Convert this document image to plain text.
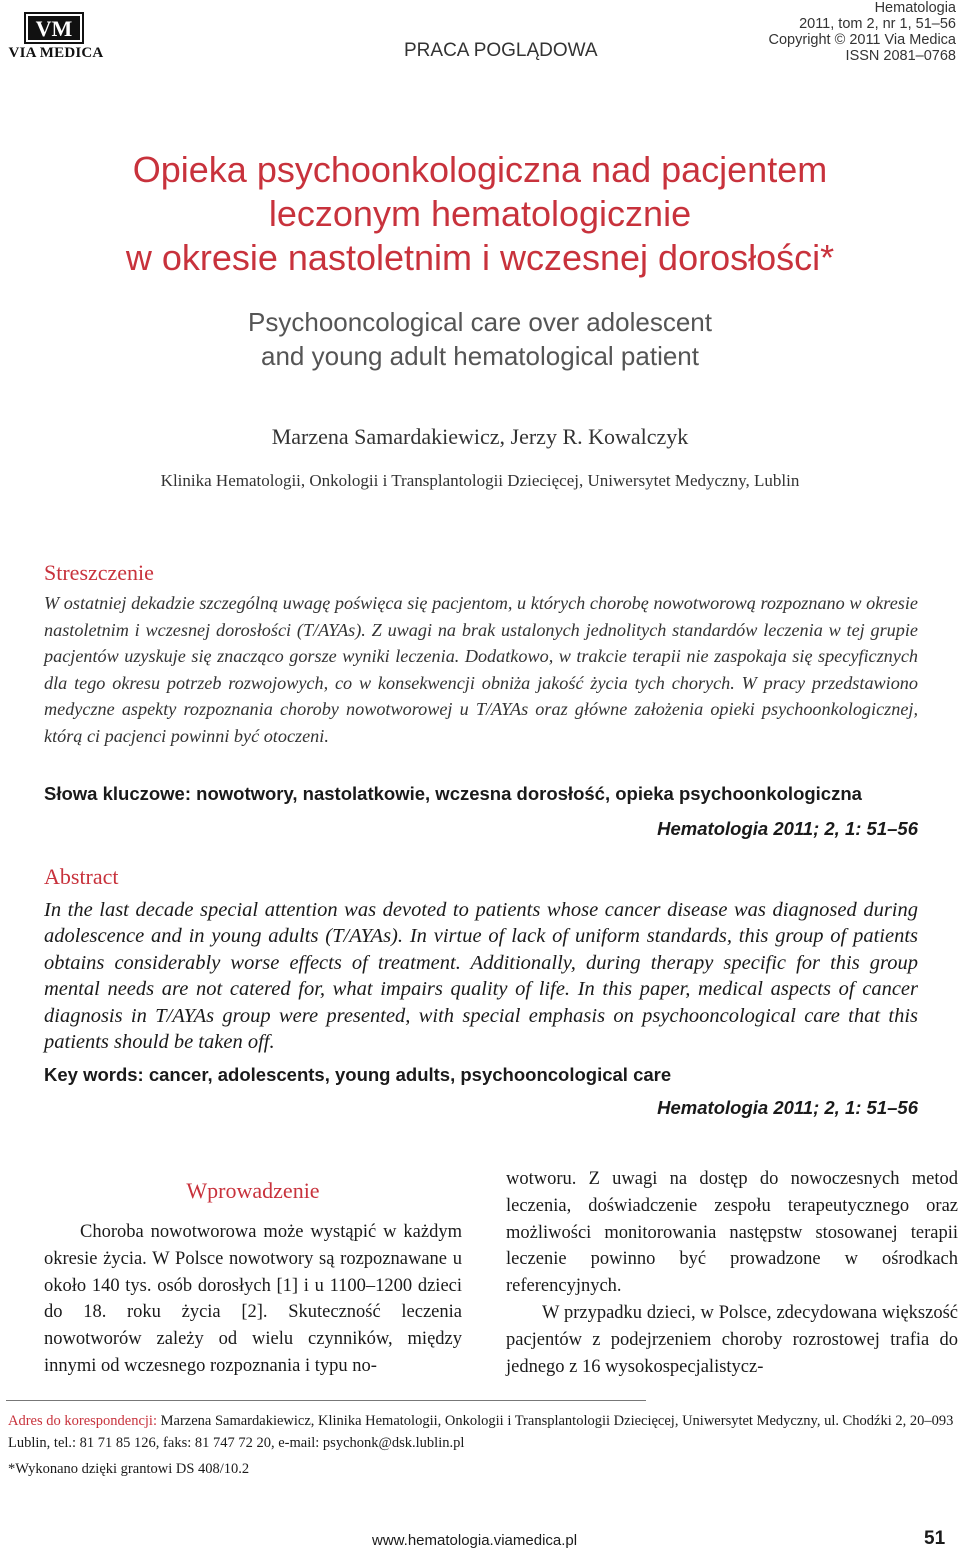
VM
VIA MEDICA	PRACA POGLĄDOWA
Hematologia
2011, tom 2, nr 1, 51–56
Copyright © 2011 Via Medica
ISSN 2081–0768
Opieka psychoonkologiczna nad pacjentem
leczonym hematologicznie
w okresie nastoletnim i wczesnej dorosłości*
Psychooncological care over adolescent
and young adult hematological patient
Marzena Samardakiewicz, Jerzy R. Kowalczyk
Klinika Hematologii, Onkologii i Transplantologii Dziecięcej, Uniwersytet Medyczny, Lublin
Streszczenie
W ostatniej dekadzie szczególną uwagę poświęca się pacjentom, u których chorobę nowotworową rozpoznano w okresie nastoletnim i wczesnej dorosłości (T/AYAs). Z uwagi na brak ustalonych jednolitych standardów leczenia w tej grupie pacjentów uzyskuje się znacząco gorsze wyniki leczenia. Dodatkowo, w trakcie terapii nie zaspokaja się specyficznych dla tego okresu potrzeb rozwojowych, co w konsekwencji obniża jakość życia tych chorych. W pracy przedstawiono medyczne aspekty rozpoznania choroby nowotworowej u T/AYAs oraz główne założenia opieki psychoonkologicznej, którą ci pacjenci powinni być otoczeni.
Słowa kluczowe: nowotwory, nastolatkowie, wczesna dorosłość, opieka psychoonkologiczna
Hematologia 2011; 2, 1: 51–56
Abstract
In the last decade special attention was devoted to patients whose cancer disease was diagnosed during adolescence and in young adults (T/AYAs). In virtue of lack of uniform standards, this group of patients obtains considerably worse effects of treatment. Additionally, during therapy specific for this group mental needs are not catered for, what impairs quality of life. In this paper, medical aspects of cancer diagnosis in T/AYAs group were presented, with special emphasis on psychooncological care that this patients should be taken off.
Key words: cancer, adolescents, young adults, psychooncological care
Hematologia 2011; 2, 1: 51–56
Wprowadzenie

Choroba nowotworowa może wystąpić w każdym okresie życia. W Polsce nowotwory są rozpoznawane u około 140 tys. osób dorosłych [1] i u 1100–1200 dzieci do 18. roku życia [2]. Skuteczność leczenia nowotworów zależy od wielu czynników, między innymi od wczesnego rozpoznania i typu no-

wotworu. Z uwagi na dostęp do nowoczesnych metod leczenia, doświadczenie zespołu terapeutycznego oraz możliwości monitorowania następstw stosowanej terapii leczenie powinno być prowadzone w ośrodkach referencyjnych.

W przypadku dzieci, w Polsce, zdecydowana większość pacjentów z podejrzeniem choroby rozrostowej trafia do jednego z 16 wysokospecjalistycz-

Adres do korespondencji: Marzena Samardakiewicz, Klinika Hematologii, Onkologii i Transplantologii Dziecięcej, Uniwersytet Medyczny, ul. Chodźki 2, 20–093 Lublin, tel.: 81 71 85 126, faks: 81 747 72 20, e-mail: psychonk@dsk.lublin.pl
*Wykonano dzięki grantowi DS 408/10.2
www.hematologia.viamedica.pl	51
